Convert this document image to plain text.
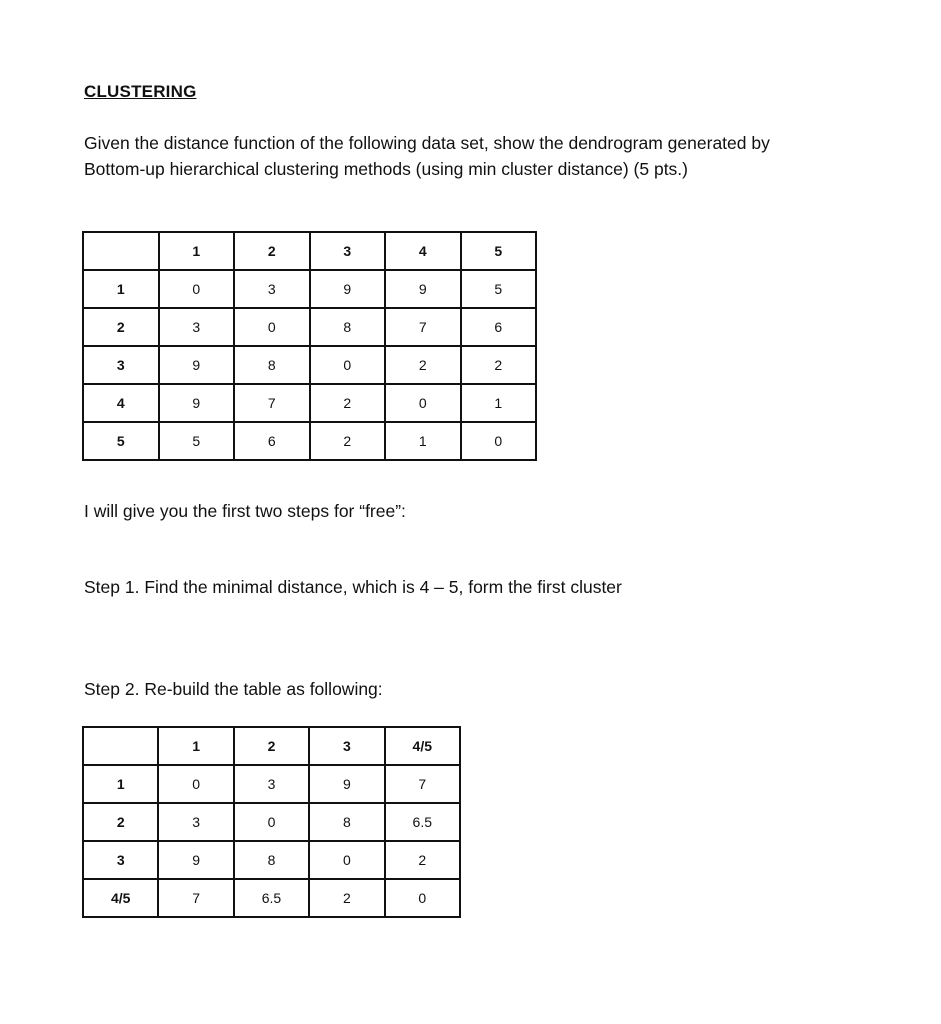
CLUSTERING
Given the distance function of the following data set, show the dendrogram generated by
Bottom-up hierarchical clustering methods (using min cluster distance) (5 pts.)
	1	2	3	4	5
1	0	3	9	9	5
2	3	0	8	7	6
3	9	8	0	2	2
4	9	7	2	0	1
5	5	6	2	1	0
I will give you the first two steps for “free”:
Step 1. Find the minimal distance, which is 4 – 5, form the first cluster
Step 2. Re-build the table as following:
	1	2	3	4/5
1	0	3	9	7
2	3	0	8	6.5
3	9	8	0	2
4/5	7	6.5	2	0
